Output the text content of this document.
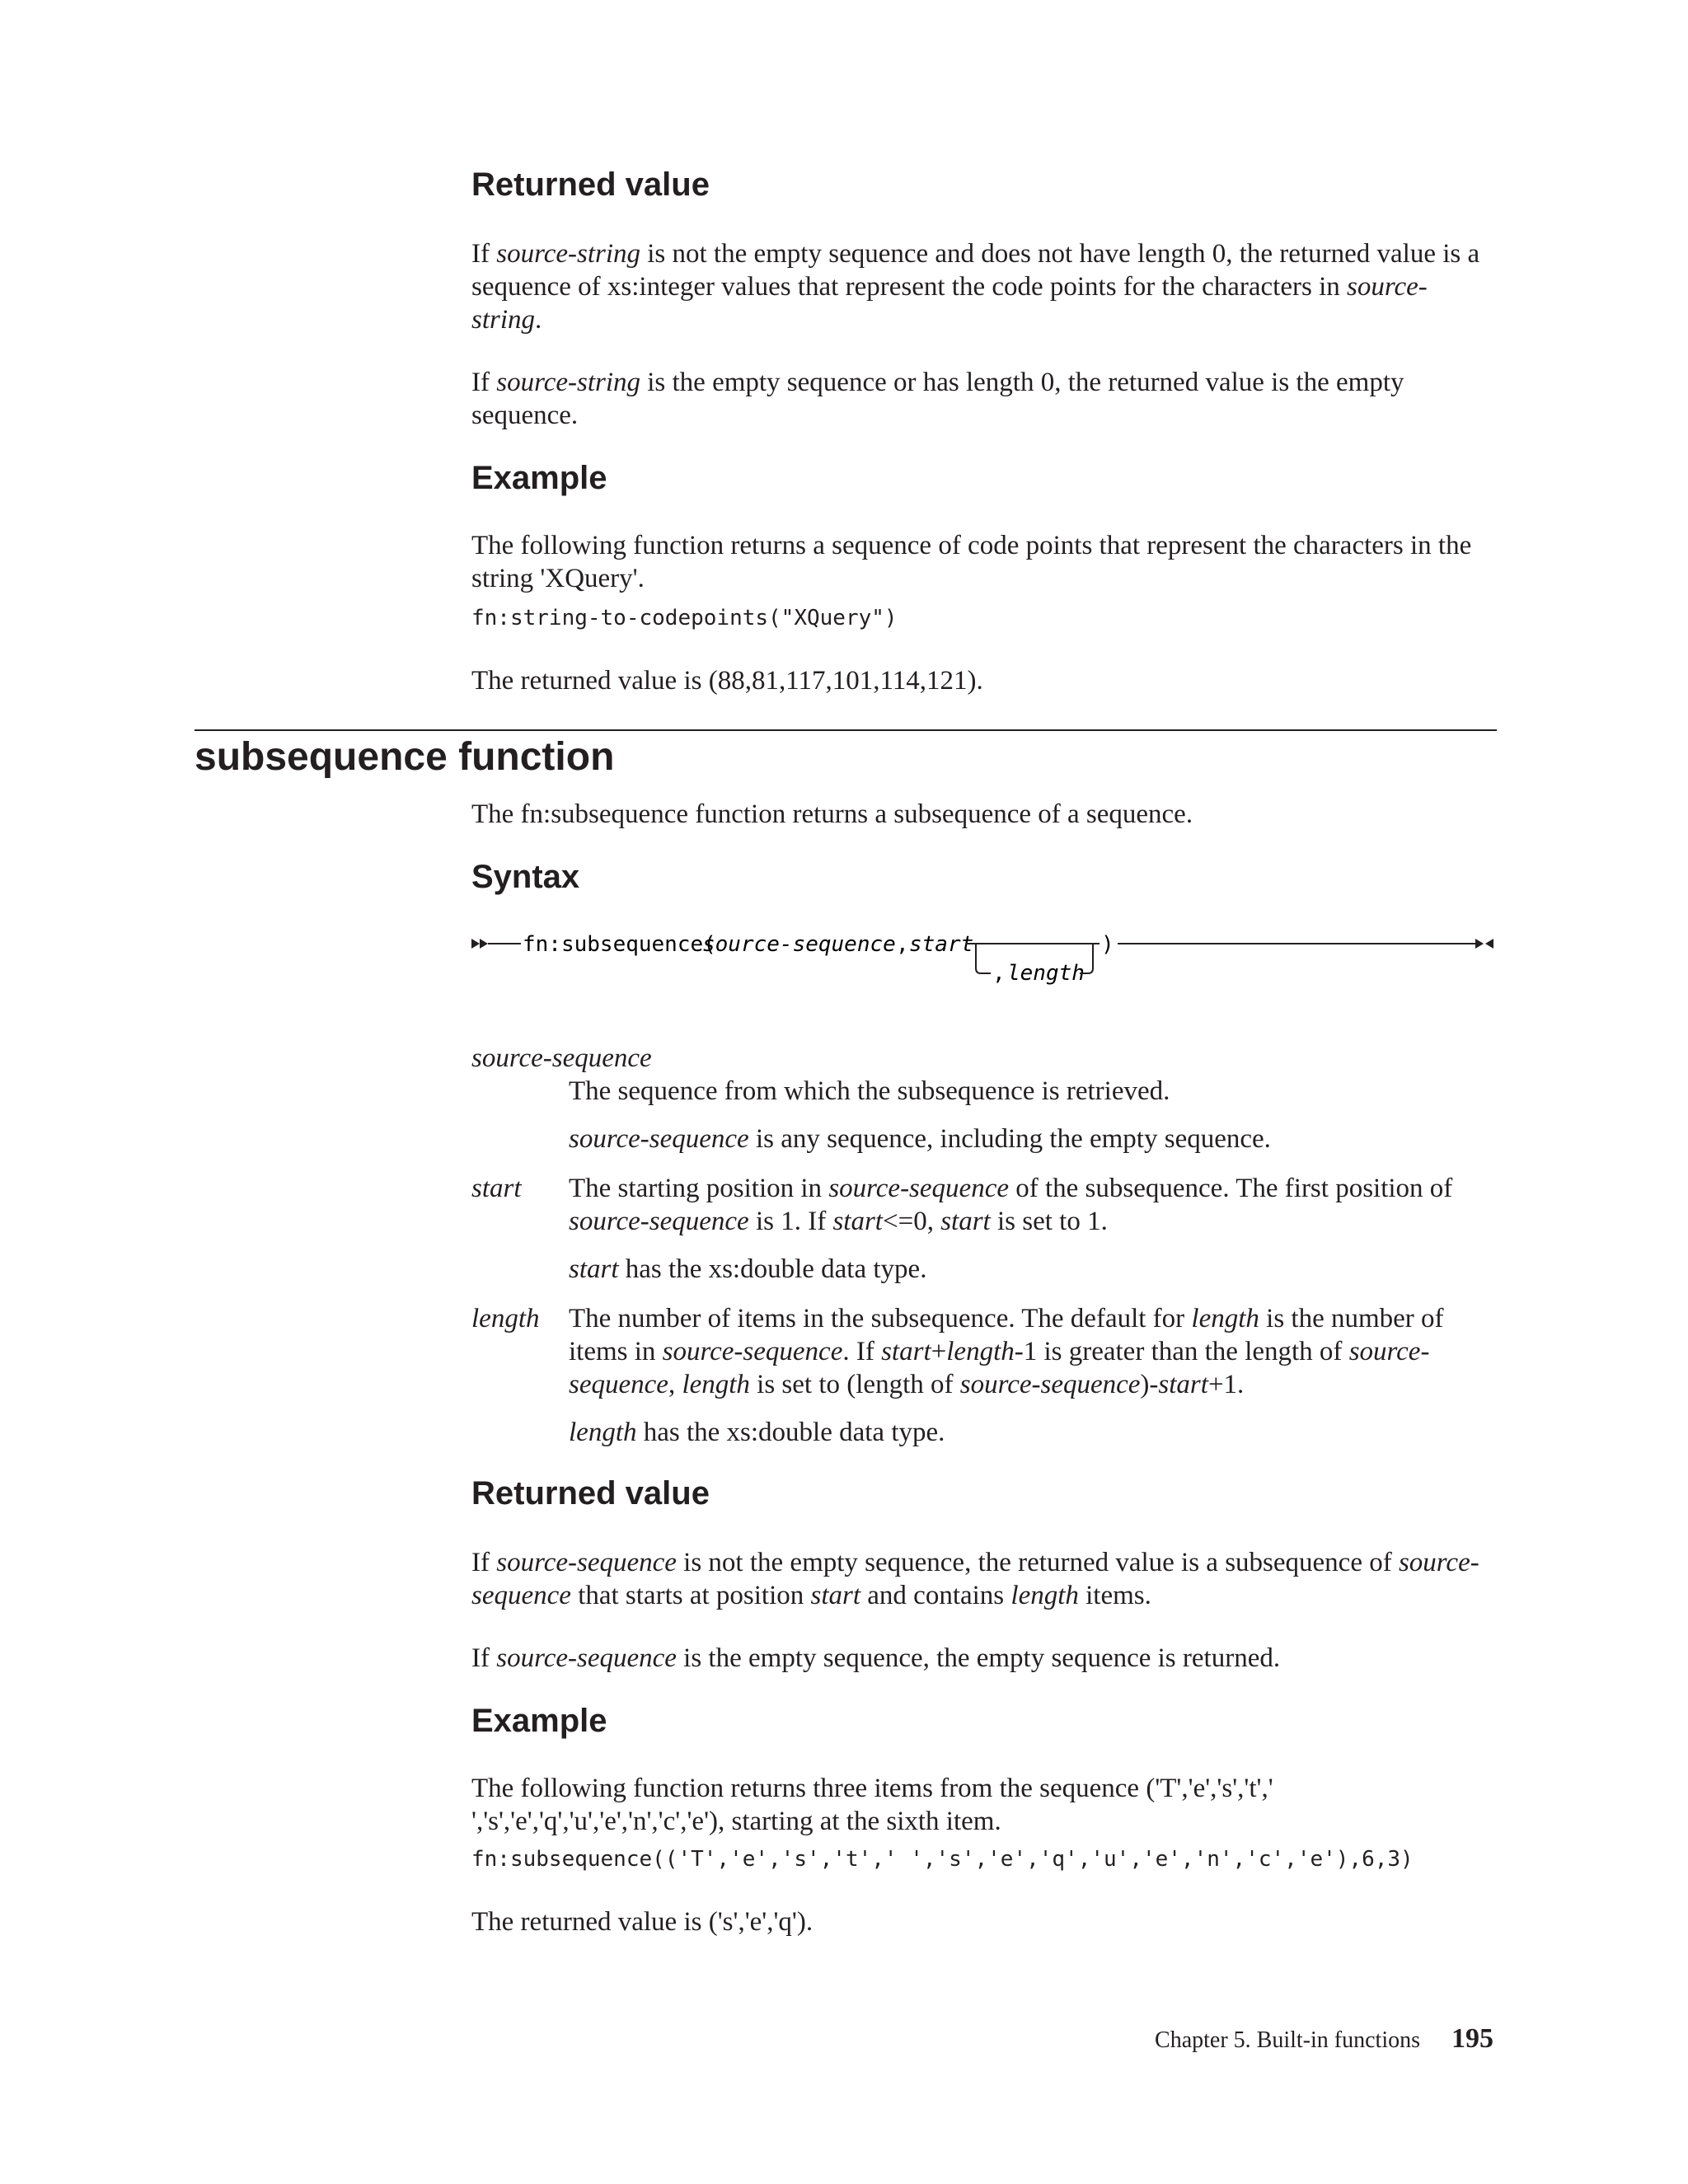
Returned value

If source-string is not the empty sequence and does not have length 0, the returned value is a sequence of xs:integer values that represent the code points for the characters in source-string.

If source-string is the empty sequence or has length 0, the returned value is the empty sequence.

Example

The following function returns a sequence of code points that represent the characters in the string 'XQuery'.

fn:string-to-codepoints("XQuery")

The returned value is (88,81,117,101,114,121).

subsequence function

The fn:subsequence function returns a subsequence of a sequence.

Syntax
fn:subsequence(
source-sequence , start
, length
)

source-sequence

The sequence from which the subsequence is retrieved.

source-sequence is any sequence, including the empty sequence.

start The starting position in source-sequence of the subsequence. The first position of source-sequence is 1. If start<=0, start is set to 1.

start has the xs:double data type.

length The number of items in the subsequence. The default for length is the number of items in source-sequence. If start+length-1 is greater than the length of source-sequence, length is set to (length of source-sequence)-start+1.

length has the xs:double data type.

Returned value

If source-sequence is not the empty sequence, the returned value is a subsequence of source-sequence that starts at position start and contains length items.

If source-sequence is the empty sequence, the empty sequence is returned.

Example

The following function returns three items from the sequence ('T','e','s','t','

','s','e','q','u','e','n','c','e'), starting at the sixth item.

fn:subsequence(('T','e','s','t',' ','s','e','q','u','e','n','c','e'),6,3)

The returned value is ('s','e','q').

Chapter 5. Built-in functions 195
